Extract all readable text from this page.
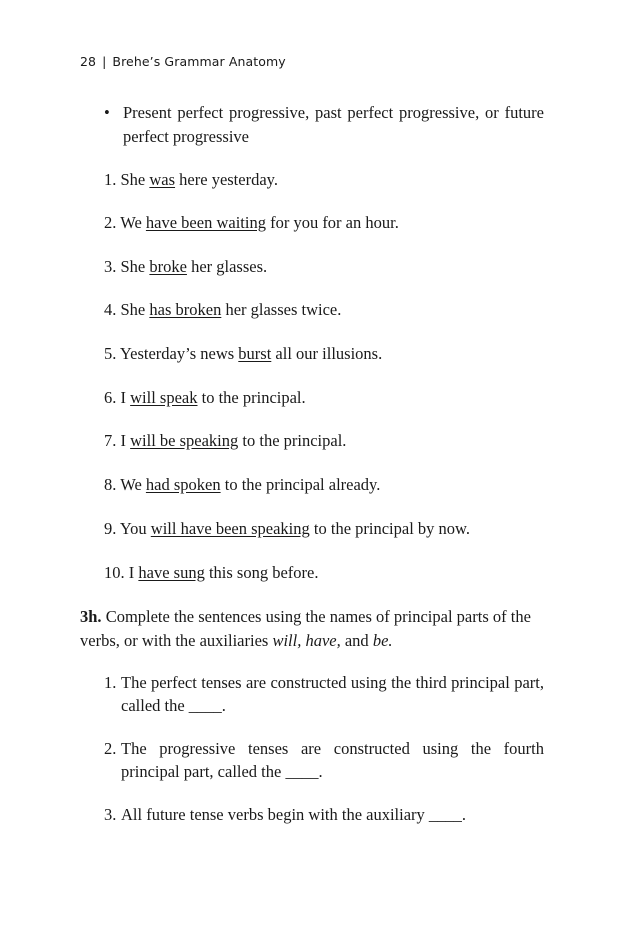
28 | Brehe’s Grammar Anatomy
• Present perfect progressive, past perfect progressive, or future perfect progressive
1. She was here yesterday.
2. We have been waiting for you for an hour.
3. She broke her glasses.
4. She has broken her glasses twice.
5. Yesterday’s news burst all our illusions.
6. I will speak to the principal.
7. I will be speaking to the principal.
8. We had spoken to the principal already.
9. You will have been speaking to the principal by now.
10. I have sung this song before.
3h. Complete the sentences using the names of principal parts of the verbs, or with the auxiliaries will, have, and be.
1. The perfect tenses are constructed using the third principal part, called the ____.
2. The progressive tenses are constructed using the fourth principal part, called the ____.
3. All future tense verbs begin with the auxiliary ____.
